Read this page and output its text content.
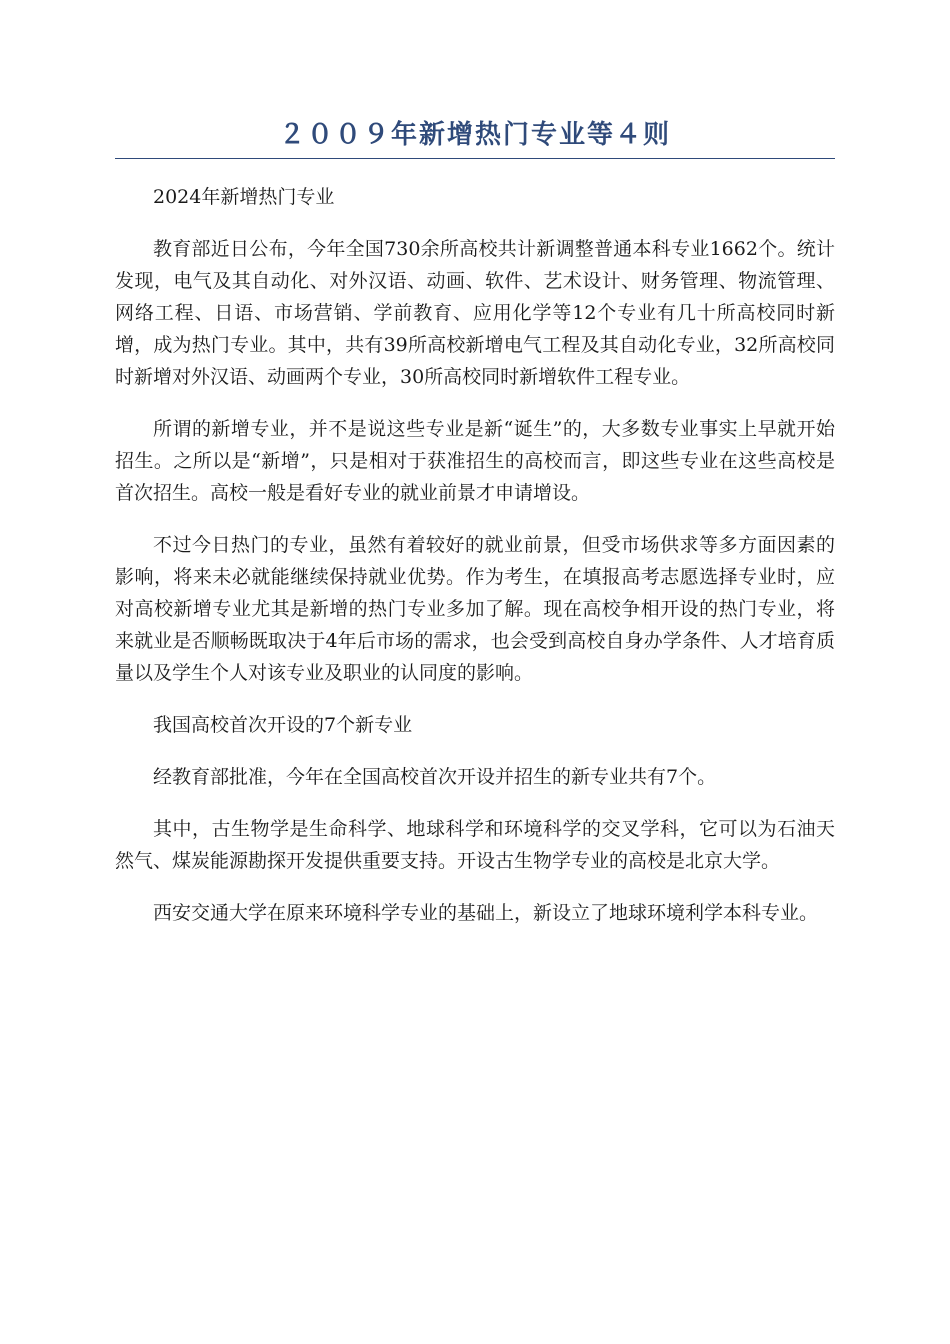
２００９年新增热门专业等４则

2024年新增热门专业

教育部近日公布，今年全国730余所高校共计新调整普通本科专业1662个。统计发现，电气及其自动化、对外汉语、动画、软件、艺术设计、财务管理、物流管理、网络工程、日语、市场营销、学前教育、应用化学等12个专业有几十所高校同时新增，成为热门专业。其中，共有39所高校新增电气工程及其自动化专业，32所高校同时新增对外汉语、动画两个专业，30所高校同时新增软件工程专业。

所谓的新增专业，并不是说这些专业是新“诞生”的，大多数专业事实上早就开始招生。之所以是“新增”，只是相对于获准招生的高校而言，即这些专业在这些高校是首次招生。高校一般是看好专业的就业前景才申请增设。

不过今日热门的专业，虽然有着较好的就业前景，但受市场供求等多方面因素的影响，将来未必就能继续保持就业优势。作为考生，在填报高考志愿选择专业时，应对高校新增专业尤其是新增的热门专业多加了解。现在高校争相开设的热门专业，将来就业是否顺畅既取决于4年后市场的需求，也会受到高校自身办学条件、人才培育质量以及学生个人对该专业及职业的认同度的影响。

我国高校首次开设的7个新专业

经教育部批准，今年在全国高校首次开设并招生的新专业共有7个。

其中，古生物学是生命科学、地球科学和环境科学的交叉学科，它可以为石油天然气、煤炭能源勘探开发提供重要支持。开设古生物学专业的高校是北京大学。

西安交通大学在原来环境科学专业的基础上，新设立了地球环境利学本科专业。
